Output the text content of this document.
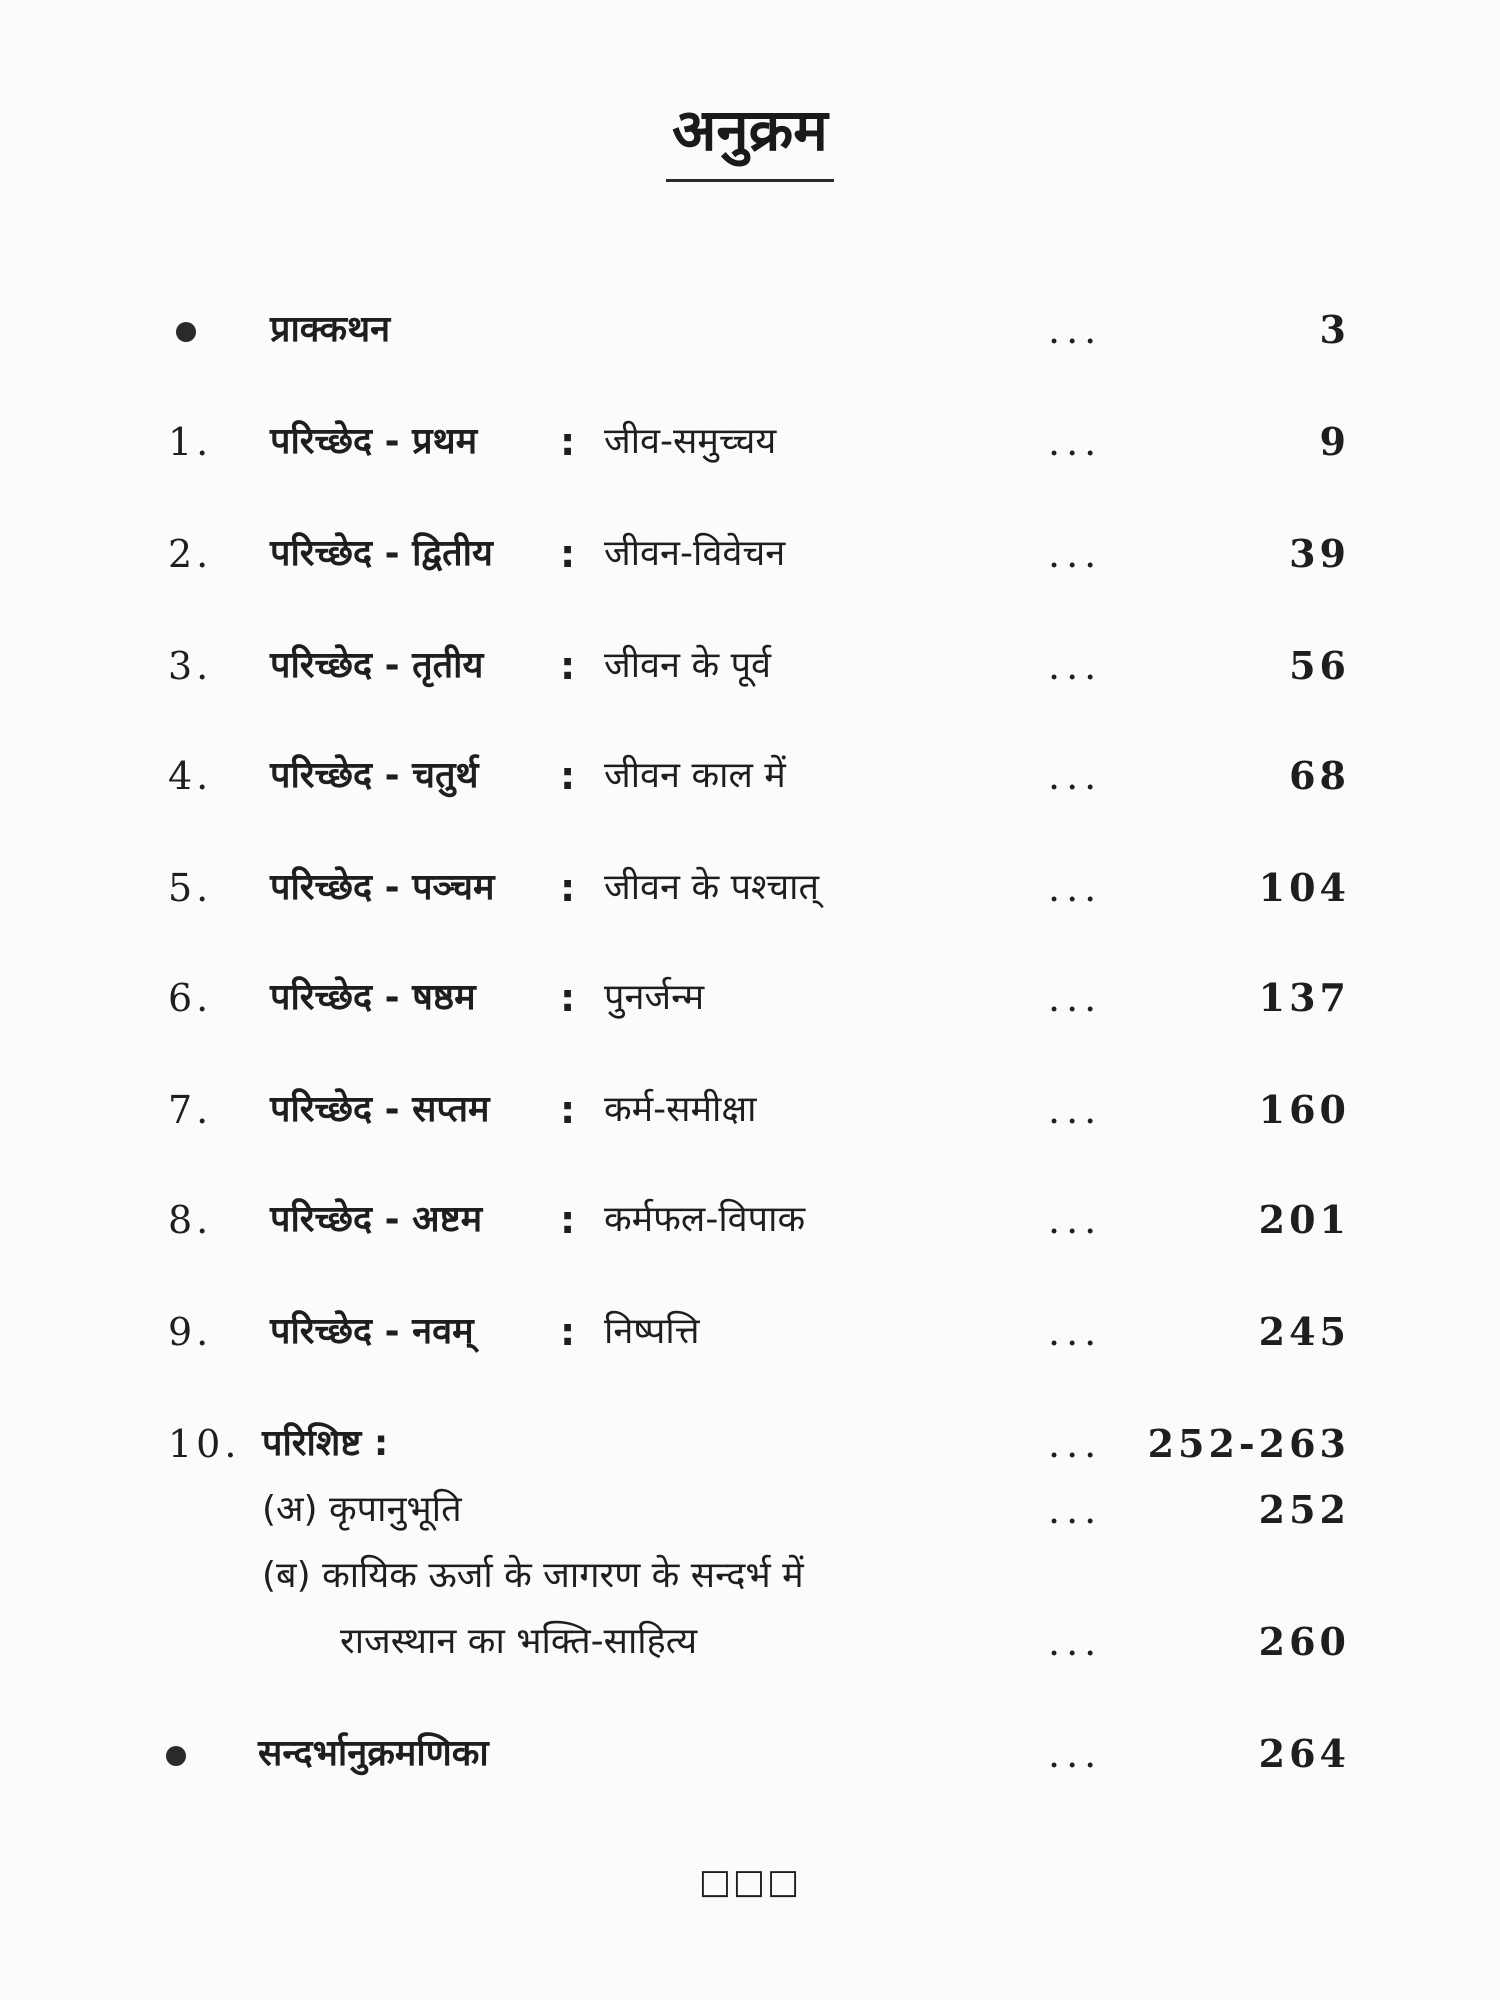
अनुक्रम
प्राक्कथन	...	3
1. परिच्छेद - प्रथम : जीव-समुच्चय	...	9
2. परिच्छेद - द्वितीय : जीवन-विवेचन	...	39
3. परिच्छेद - तृतीय : जीवन के पूर्व	...	56
4. परिच्छेद - चतुर्थ : जीवन काल में	...	68
5. परिच्छेद - पञ्चम : जीवन के पश्चात्	...	104
6. परिच्छेद - षष्ठम : पुनर्जन्म	...	137
7. परिच्छेद - सप्तम : कर्म-समीक्षा	...	160
8. परिच्छेद - अष्टम : कर्मफल-विपाक	...	201
9. परिच्छेद - नवम् : निष्पत्ति	...	245
10. परिशिष्ट :	... 252-263
(अ) कृपानुभूति	...	252
(ब) कायिक ऊर्जा के जागरण के सन्दर्भ में
राजस्थान का भक्ति-साहित्य	...	260
सन्दर्भानुक्रमणिका	...	264
□□□
